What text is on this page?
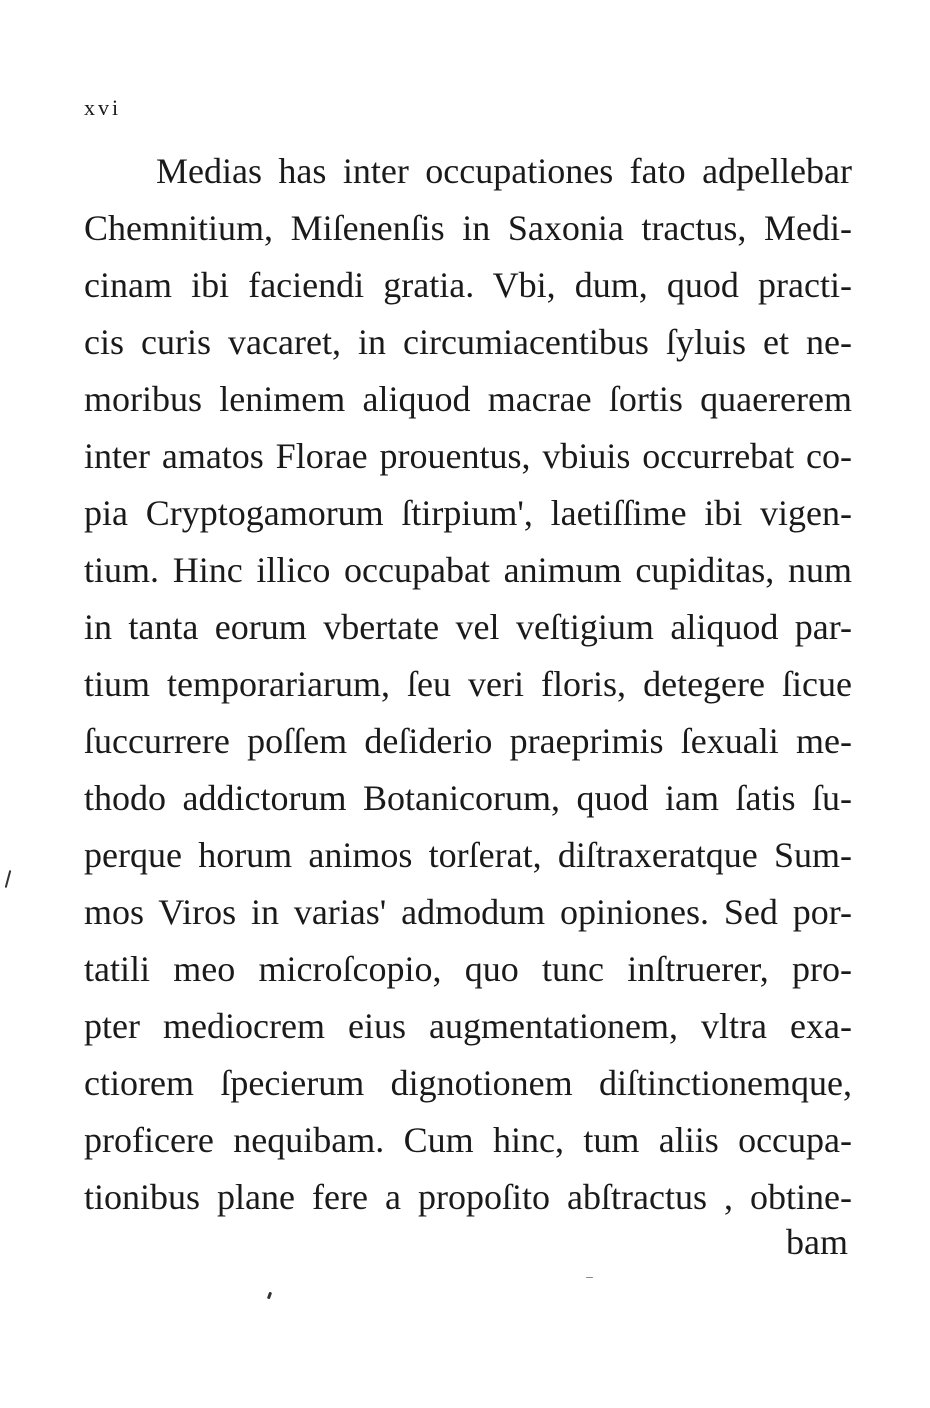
xvi
Medias has inter occupationes fato adpellebar
Chemnitium, Miſenenſis in Saxonia tractus, Medi-
cinam ibi faciendi gratia. Vbi, dum, quod practi-
cis curis vacaret, in circumiacentibus ſyluis et ne-
moribus lenimem aliquod macrae ſortis quaererem
inter amatos Florae prouentus, vbiuis occurrebat co-
pia Cryptogamorum ſtirpium', laetiſſime ibi vigen-
tium. Hinc illico occupabat animum cupiditas, num
in tanta eorum vbertate vel veſtigium aliquod par-
tium temporariarum, ſeu veri floris, detegere ſicue
ſuccurrere poſſem deſiderio praeprimis ſexuali me-
thodo addictorum Botanicorum, quod iam ſatis ſu-
perque horum animos torſerat, diſtraxeratque Sum-
mos Viros in varias' admodum opiniones. Sed por-
tatili meo microſcopio, quo tunc inſtruerer, pro-
pter mediocrem eius augmentationem, vltra exa-
ctiorem ſpecierum dignotionem diſtinctionemque,
proficere nequibam. Cum hinc, tum aliis occupa-
tionibus plane fere a propoſito abſtractus , obtine-
bam
